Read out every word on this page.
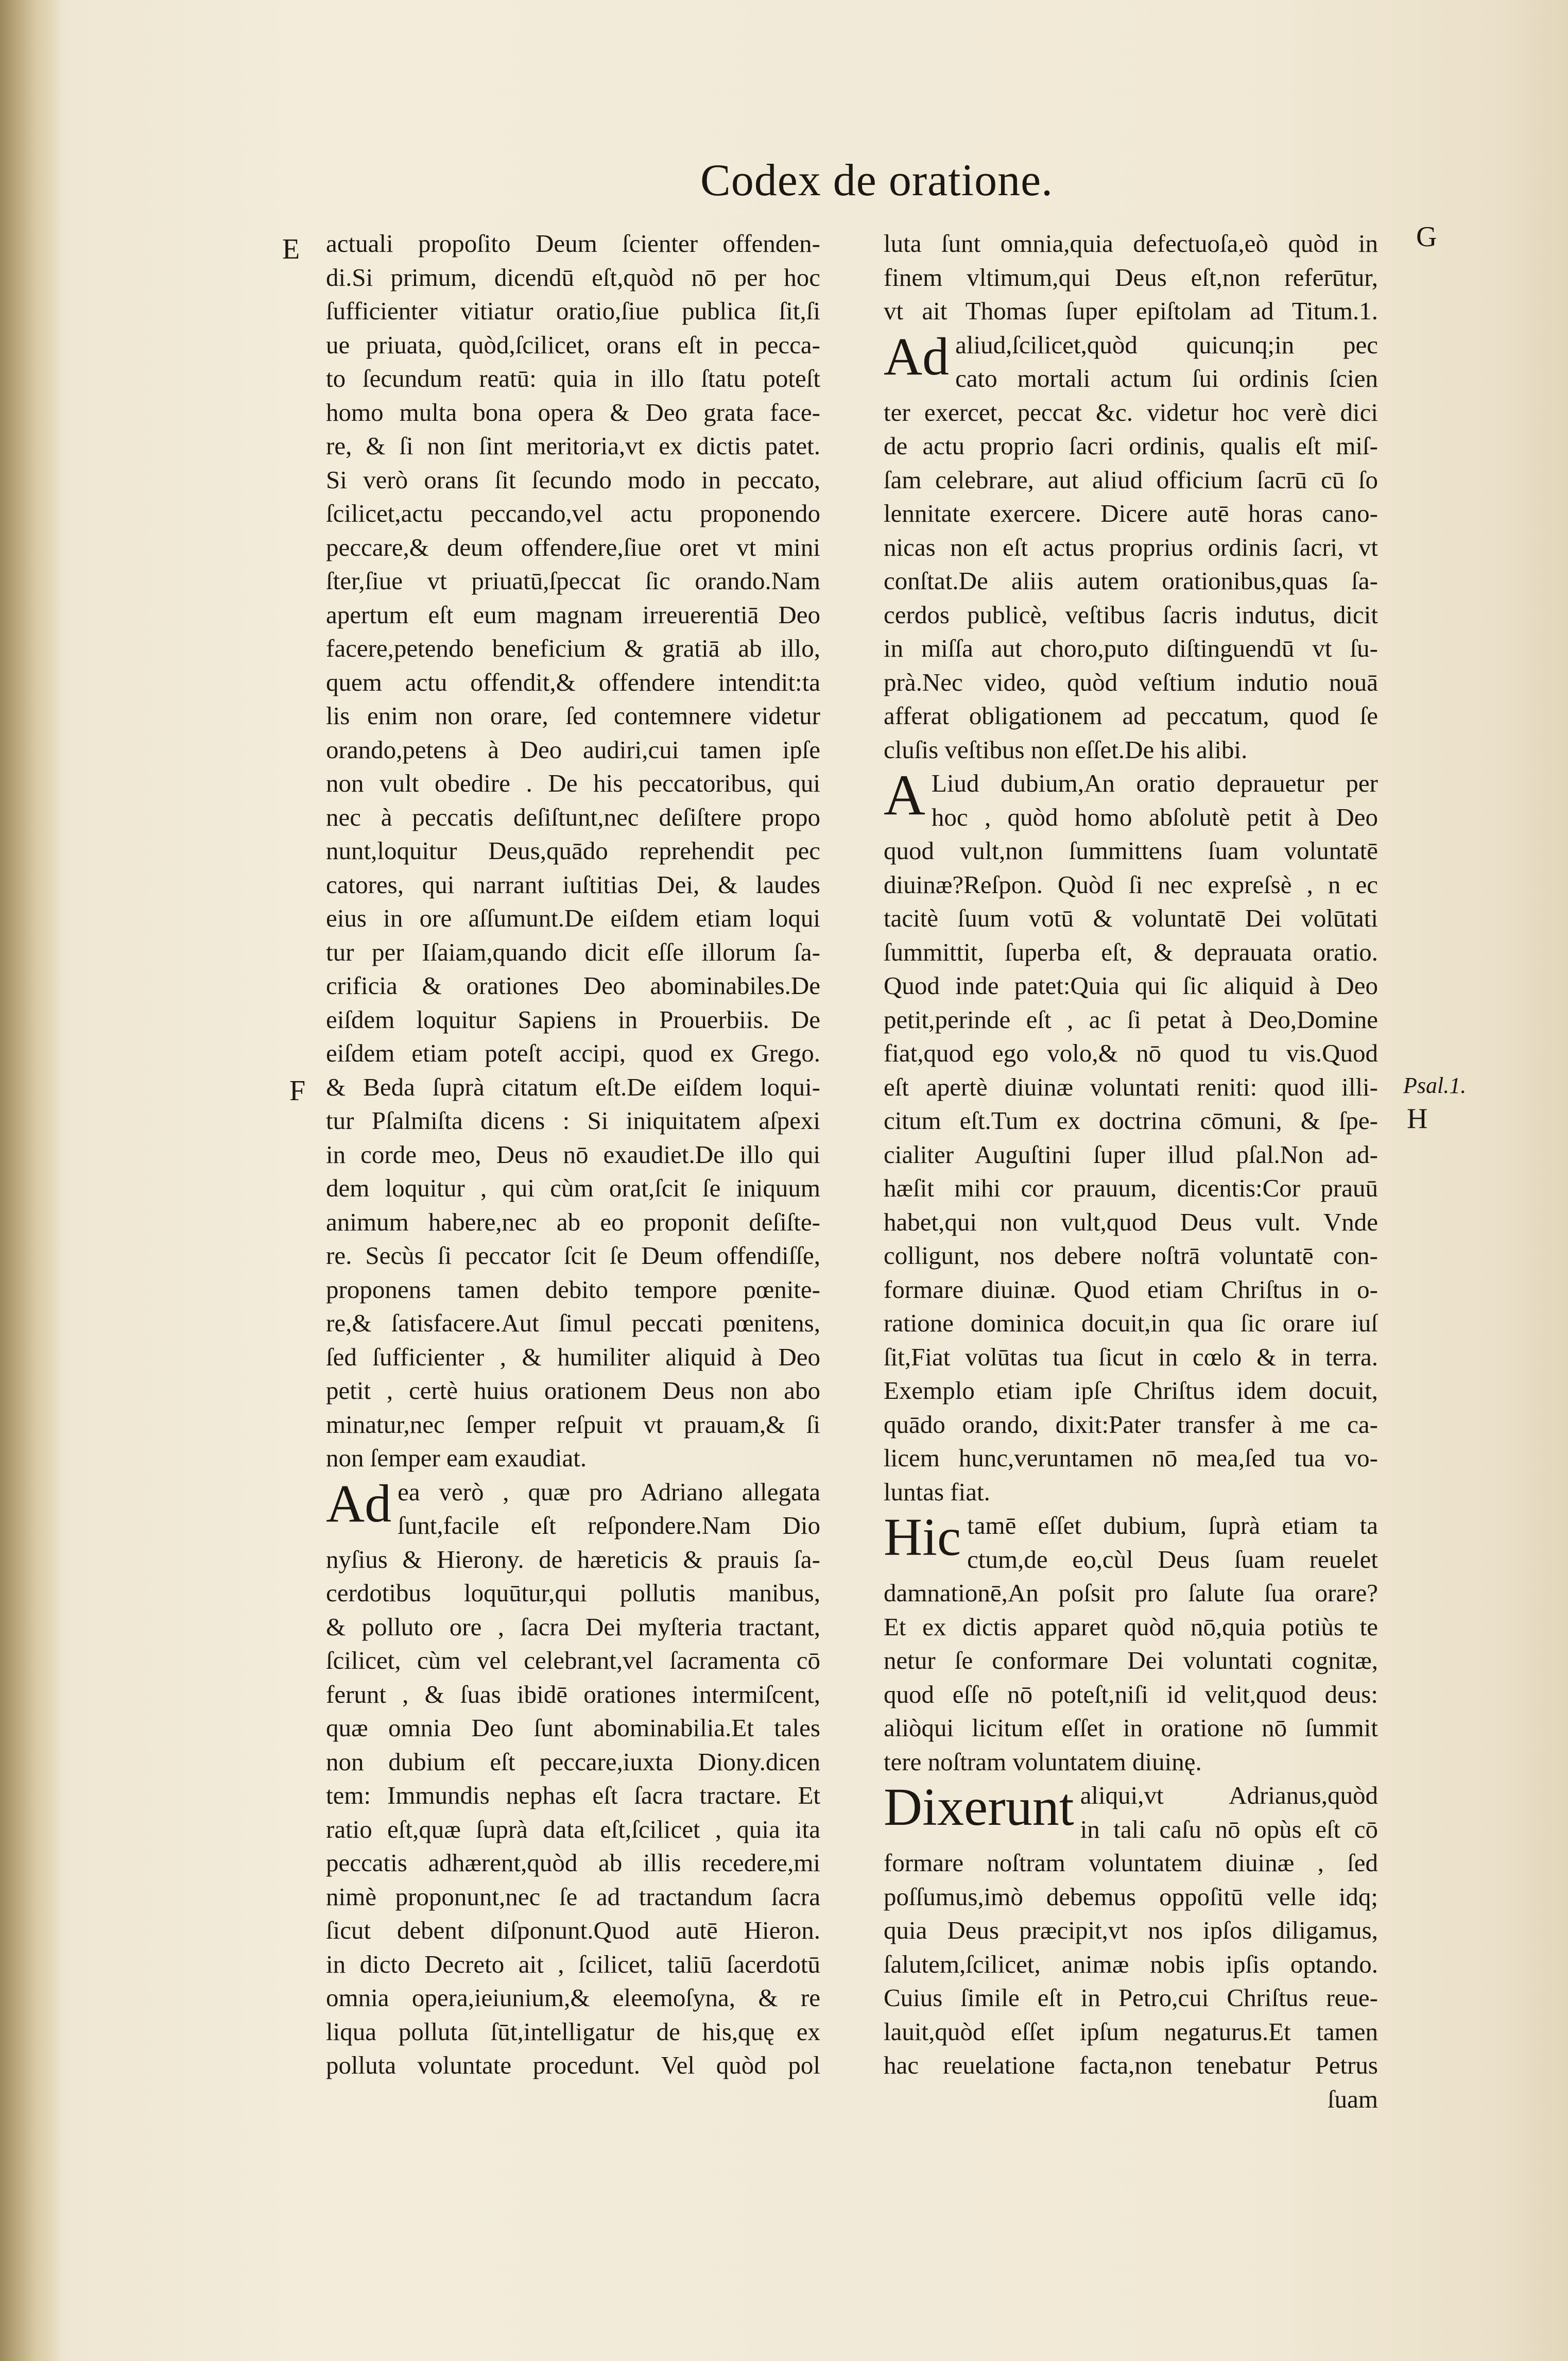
Codex de oratione.
E
F
G
H
Psal.1.
actuali propoſito Deum ſcienter offenden-
di.Si primum, dicendū eſt,quòd nō per hoc
ſufficienter vitiatur oratio,ſiue publica ſit,ſi
ue priuata, quòd,ſcilicet, orans eſt in pecca-
to ſecundum reatū: quia in illo ſtatu poteſt
homo multa bona opera & Deo grata face-
re, & ſi non ſint meritoria,vt ex dictis patet.
Si verò orans ſit ſecundo modo in peccato,
ſcilicet,actu peccando,vel actu proponendo
peccare,& deum offendere,ſiue oret vt mini
ſter,ſiue vt priuatū,ſpeccat ſic orando.Nam
apertum eſt eum magnam irreuerentiā Deo
facere,petendo beneficium & gratiā ab illo,
quem actu offendit,& offendere intendit:ta
lis enim non orare, ſed contemnere videtur
orando,petens à Deo audiri,cui tamen ipſe
non vult obedire . De his peccatoribus, qui
nec à peccatis deſiſtunt,nec deſiſtere propo
nunt,loquitur Deus,quādo reprehendit pec
catores, qui narrant iuſtitias Dei, & laudes
eius in ore aſſumunt.De eiſdem etiam loqui
tur per Iſaiam,quando dicit eſſe illorum ſa-
crificia & orationes Deo abominabiles.De
eiſdem loquitur Sapiens in Prouerbiis. De
eiſdem etiam poteſt accipi, quod ex Grego.
& Beda ſuprà citatum eſt.De eiſdem loqui-
tur Pſalmiſta dicens : Si iniquitatem aſpexi
in corde meo, Deus nō exaudiet.De illo qui
dem loquitur , qui cùm orat,ſcit ſe iniquum
animum habere,nec ab eo proponit deſiſte-
re. Secùs ſi peccator ſcit ſe Deum offendiſſe,
proponens tamen debito tempore pœnite-
re,& ſatisfacere.Aut ſimul peccati pœnitens,
ſed ſufficienter , & humiliter aliquid à Deo
petit , certè huius orationem Deus non abo
minatur,nec ſemper reſpuit vt prauam,& ſi
non ſemper eam exaudiat.
Ad ea verò , quæ pro Adriano allegata
ſunt,facile eſt reſpondere.Nam Dio
nyſius & Hierony. de hæreticis & prauis ſa-
cerdotibus loquūtur,qui pollutis manibus,
& polluto ore , ſacra Dei myſteria tractant,
ſcilicet, cùm vel celebrant,vel ſacramenta cō
ferunt , & ſuas ibidē orationes intermiſcent,
quæ omnia Deo ſunt abominabilia.Et tales
non dubium eſt peccare,iuxta Diony.dicen
tem: Immundis nephas eſt ſacra tractare. Et
ratio eſt,quæ ſuprà data eſt,ſcilicet , quia ita
peccatis adhærent,quòd ab illis recedere,mi
nimè proponunt,nec ſe ad tractandum ſacra
ſicut debent diſponunt.Quod autē Hieron.
in dicto Decreto ait , ſcilicet, taliū ſacerdotū
omnia opera,ieiunium,& eleemoſyna, & re
liqua polluta ſūt,intelligatur de his,quę ex
polluta voluntate procedunt. Vel quòd pol
luta ſunt omnia,quia defectuoſa,eò quòd in
finem vltimum,qui Deus eſt,non referūtur,
vt ait Thomas ſuper epiſtolam ad Titum.1.
Ad aliud,ſcilicet,quòd quicunq;in pec
cato mortali actum ſui ordinis ſcien
ter exercet, peccat &c. videtur hoc verè dici
de actu proprio ſacri ordinis, qualis eſt miſ-
ſam celebrare, aut aliud officium ſacrū cū ſo
lennitate exercere. Dicere autē horas cano-
nicas non eſt actus proprius ordinis ſacri, vt
conſtat.De aliis autem orationibus,quas ſa-
cerdos publicè, veſtibus ſacris indutus, dicit
in miſſa aut choro,puto diſtinguendū vt ſu-
prà.Nec video, quòd veſtium indutio nouā
afferat obligationem ad peccatum, quod ſe
cluſis veſtibus non eſſet.De his alibi.
A Liud dubium,An oratio deprauetur per
hoc , quòd homo abſolutè petit à Deo
quod vult,non ſummittens ſuam voluntatē
diuinæ?Reſpon. Quòd ſi nec expreſsè , n ec
tacitè ſuum votū & voluntatē Dei volūtati
ſummittit, ſuperba eſt, & deprauata oratio.
Quod inde patet:Quia qui ſic aliquid à Deo
petit,perinde eſt , ac ſi petat à Deo,Domine
fiat,quod ego volo,& nō quod tu vis.Quod
eſt apertè diuinæ voluntati reniti: quod illi-
citum eſt.Tum ex doctrina cōmuni, & ſpe-
cialiter Auguſtini ſuper illud pſal.Non ad-
hæſit mihi cor prauum, dicentis:Cor prauū
habet,qui non vult,quod Deus vult. Vnde
colligunt, nos debere noſtrā voluntatē con-
formare diuinæ. Quod etiam Chriſtus in o-
ratione dominica docuit,in qua ſic orare iuſ
ſit,Fiat volūtas tua ſicut in cœlo & in terra.
Exemplo etiam ipſe Chriſtus idem docuit,
quādo orando, dixit:Pater transfer à me ca-
licem hunc,veruntamen nō mea,ſed tua vo-
luntas fiat.
Hic tamē eſſet dubium, ſuprà etiam ta
ctum,de eo,cùl Deus ſuam reuelet
damnationē,An poſsit pro ſalute ſua orare?
Et ex dictis apparet quòd nō,quia potiùs te
netur ſe conformare Dei voluntati cognitæ,
quod eſſe nō poteſt,niſi id velit,quod deus:
aliòqui licitum eſſet in oratione nō ſummit
tere noſtram voluntatem diuinę.
Dixerunt aliqui,vt Adrianus,quòd
in tali caſu nō opùs eſt cō
formare noſtram voluntatem diuinæ , ſed
poſſumus,imò debemus oppoſitū velle idq;
quia Deus præcipit,vt nos ipſos diligamus,
ſalutem,ſcilicet, animæ nobis ipſis optando.
Cuius ſimile eſt in Petro,cui Chriſtus reue-
lauit,quòd eſſet ipſum negaturus.Et tamen
hac reuelatione facta,non tenebatur Petrus
ſuam
